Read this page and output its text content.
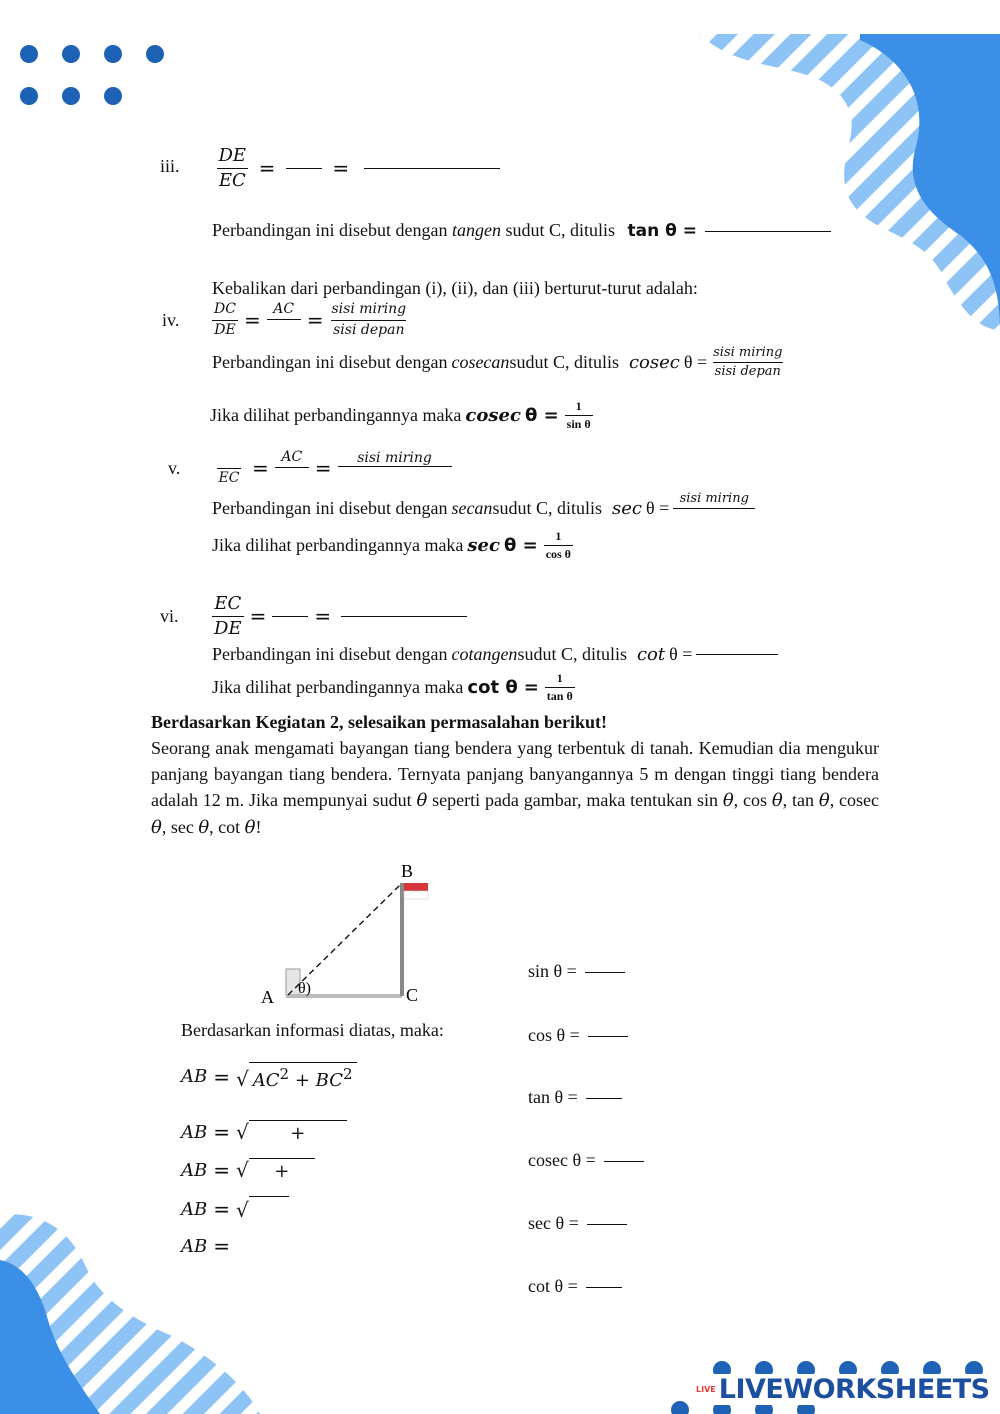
iii. $\frac{DE}{EC}$ =	=
Perbandingan ini disebut dengan tangen sudut C, ditulis tan θ =
Kebalikan dari perbandingan (i), (ii), dan (iii) berturut-turut adalah:
iv.	$\frac{DC}{DE}$ = AC = $\frac{\text{sisi miring}}{\text{sisi depan}}$
Perbandingan ini disebut dengan cosecan sudut C, ditulis cosec $\theta = \frac{\text{sisi miring}}{\text{sisi depan}}$
Jika dilihat perbandingannya maka cosec $\theta = \frac{1}{\text{sin θ}}$
v.
EC = AC =	sisi miring
Perbandingan ini disebut dengan secan sudut C, ditulis sec θ = sisi miring
Jika dilihat perbandingannya maka $\sec \theta = \frac{1}{\text{cos θ}}$
vi.	$\frac{EC}{DE}$ = =
Perbandingan ini disebut dengan cotangen sudut C, ditulis cot θ =
Jika dilihat perbandingannya maka $\cot \theta = \frac{1}{\text{tan θ}}$
Berdasarkan Kegiatan 2, selesaikan permasalahan berikut!
Seorang anak mengamati bayangan tiang bendera yang terbentuk di tanah. Kemudian dia mengukur panjang bayangan tiang bendera. Ternyata panjang banyangannya 5 m dengan tinggi tiang bendera adalah 12 m. Jika mempunyai sudut θ seperti pada gambar, maka tentukan sin θ, cos θ, tan θ, cosec θ, sec θ, cot θ!
A
B
C
θ)
Berdasarkan informasi diatas, maka:
AB = √ $AC^2 + BC^2$
AB = √ +
AB = √ +
AB = √
AB =
sin θ =
cos θ =
tan θ =
cosec θ =
sec θ =
cot θ =
LIVE LIVEWORKSHEETS
